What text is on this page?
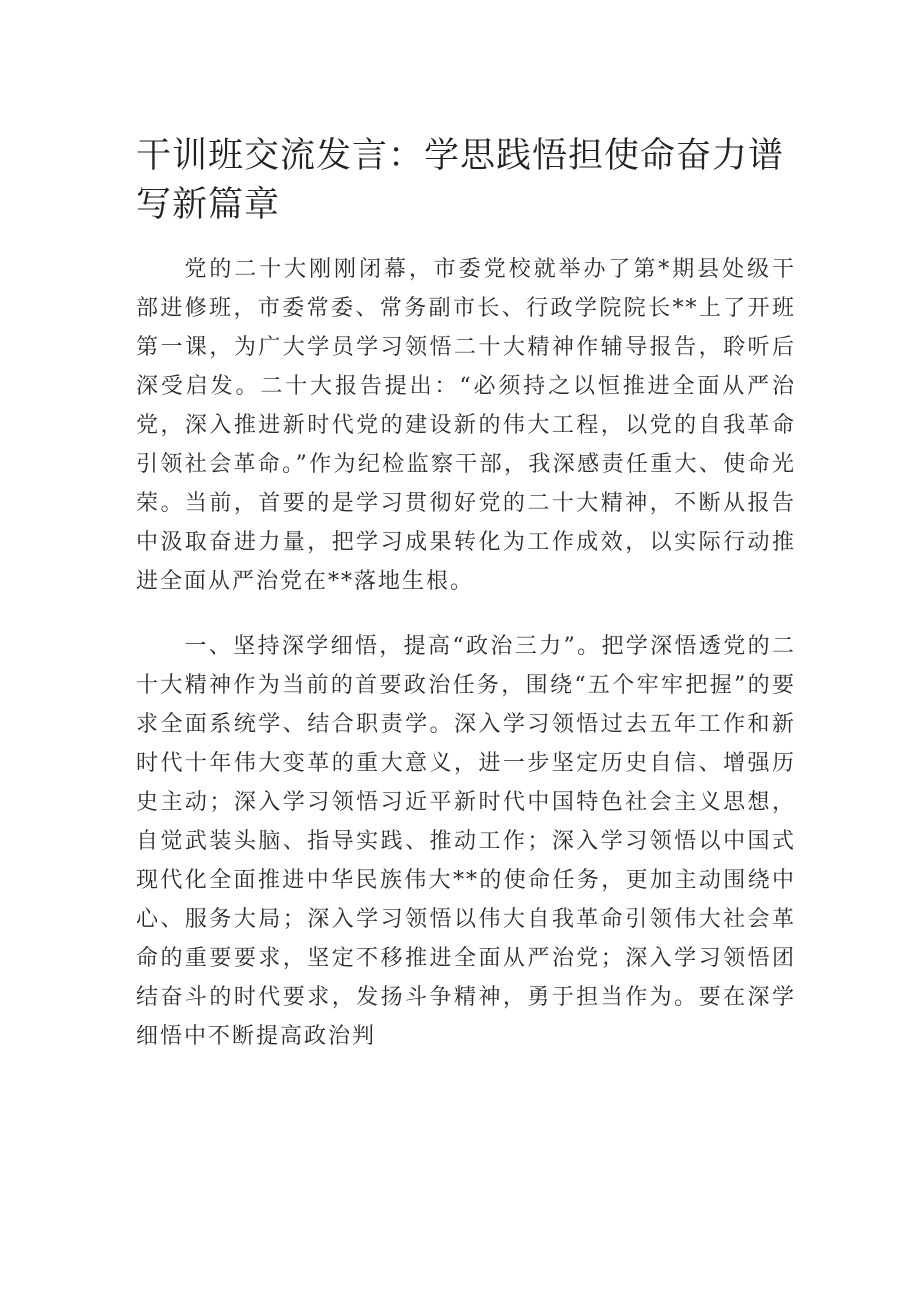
干训班交流发言：学思践悟担使命奋力谱写新篇章

党的二十大刚刚闭幕，市委党校就举办了第*期县处级干部进修班，市委常委、常务副市长、行政学院院长**上了开班第一课，为广大学员学习领悟二十大精神作辅导报告，聆听后深受启发。二十大报告提出：“必须持之以恒推进全面从严治党，深入推进新时代党的建设新的伟大工程，以党的自我革命引领社会革命。”作为纪检监察干部，我深感责任重大、使命光荣。当前，首要的是学习贯彻好党的二十大精神，不断从报告中汲取奋进力量，把学习成果转化为工作成效，以实际行动推进全面从严治党在**落地生根。

一、坚持深学细悟，提高“政治三力”。把学深悟透党的二十大精神作为当前的首要政治任务，围绕“五个牢牢把握”的要求全面系统学、结合职责学。深入学习领悟过去五年工作和新时代十年伟大变革的重大意义，进一步坚定历史自信、增强历史主动；深入学习领悟习近平新时代中国特色社会主义思想，自觉武装头脑、指导实践、推动工作；深入学习领悟以中国式现代化全面推进中华民族伟大**的使命任务，更加主动围绕中心、服务大局；深入学习领悟以伟大自我革命引领伟大社会革命的重要要求，坚定不移推进全面从严治党；深入学习领悟团结奋斗的时代要求，发扬斗争精神，勇于担当作为。要在深学细悟中不断提高政治判
